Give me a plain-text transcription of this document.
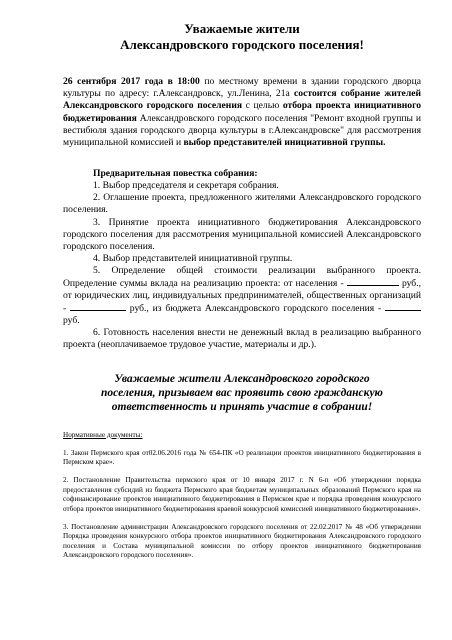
Уважаемые жители
Александровского городского поселения!
26 сентября 2017 года в 18:00 по местному времени в здании городского дворца культуры по адресу: г.Александровск, ул.Ленина, 21а состоится собрание жителей Александровского городского поселения с целью отбора проекта инициативного бюджетирования Александровского городского поселения "Ремонт входной группы и вестибюля здания городского дворца культуры в г.Александровске" для рассмотрения муниципальной комиссией и выбор представителей инициативной группы.
Предварительная повестка собрания:

1. Выбор председателя и секретаря собрания.

2. Оглашение проекта, предложенного жителями Александровского городского поселения.

3. Принятие проекта инициативного бюджетирования Александровского городского поселения для рассмотрения муниципальной комиссией Александровского городского поселения.

4. Выбор представителей инициативной группы.

5. Определение общей стоимости реализации выбранного проекта. Определение суммы вклада на реализацию проекта: от населения -	руб., от юридических лиц, индивидуальных предпринимателей, общественных организаций -	руб., из бюджета Александровского городского поселения -  руб.

6. Готовность населения внести не денежный вклад в реализацию выбранного проекта (неоплачиваемое трудовое участие, материалы и др.).

Уважаемые жители Александровского городского
поселения, призываем вас проявить свою гражданскую
ответственность и принять участие в собрании!
Нормативные документы:
1. Закон Пермского края от02.06.2016 года № 654-ПК «О реализации проектов инициативного бюджетирования в Пермском крае».
2. Постановление Правительства пермского края от 10 января 2017 г. N 6-п «Об утверждении порядка предоставления субсидий из бюджета Пермского края бюджетам муниципальных образований Пермского края на софинансирование проектов инициативного бюджетирования в Пермском крае и порядка проведения конкурсного отбора проектов инициативного бюджетирования краевой конкурсной комиссией инициативного бюджетирования».
3. Постановление администрации Александровского городского поселения от 22.02.2017 № 48 «Об утверждении Порядка проведения конкурсного отбора проектов инициативного бюджетирования Александровского городского поселения и Состава муниципальной комиссии по отбору проектов инициативного бюджетирования Александровского городского поселения».
